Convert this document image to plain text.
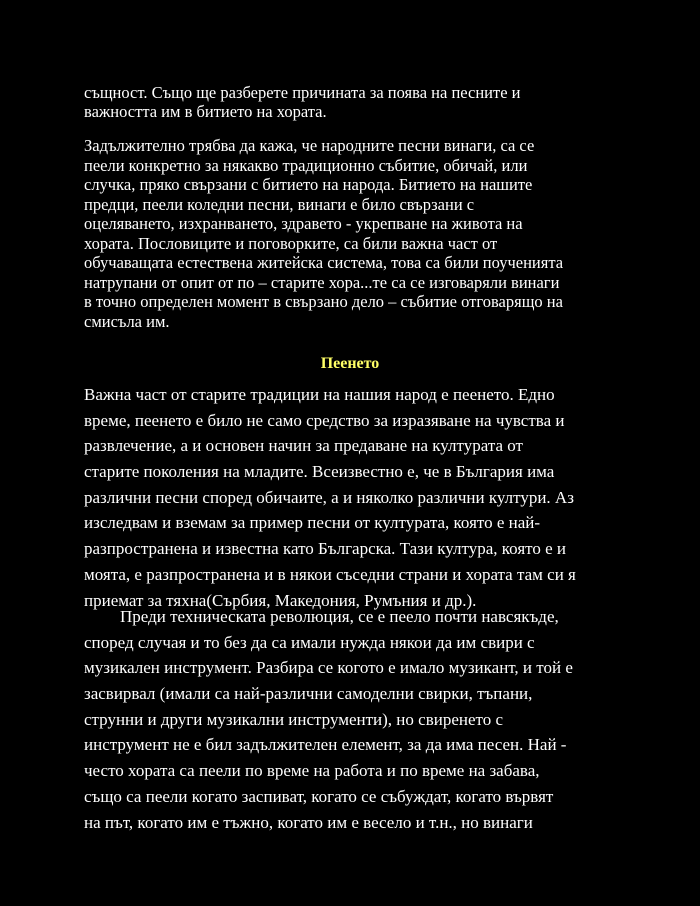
същност. Също ще разберете причината за поява на песните и
важността им в битието на хората.
Задължително трябва да кажа, че народните песни винаги, са се
пеели конкретно за някакво традиционно събитие, обичай, или
случка, пряко свързани с битието на народа. Битието на нашите
предци, пеели коледни песни, винаги е било свързани с
оцеляването, изхранването, здравето - укрепване на живота на
хората. Пословиците и поговорките, са били важна част от
обучаващата естествена житейска система, това са били поученията
натрупани от опит от по – старите хора...те са се изговаряли винаги
в точно определен момент в свързано дело – събитие отговарящо на
смисъла им.
Пеенето
Важна част от старите традиции на нашия народ е пеенето. Едно
време, пеенето е било не само средство за изразяване на чувства и
развлечение, а и основен начин за предаване на културата от
старите поколения на младите. Всеизвестно е, че в България има
различни песни според обичаите, а и няколко различни култури. Аз
изследвам и вземам за пример песни от културата, която е най-
разпространена и известна като Българска. Тази култура, която е и
моята, е разпространена и в някои съседни страни и хората там си я
приемат за тяхна(Сърбия, Македония, Румъния и др.).
Преди техническата революция, се е пеело почти навсякъде,
според случая и то без да са имали нужда някои да им свири с
музикален инструмент. Разбира се когото е имало музикант, и той е
засвирвал (имали са най-различни самоделни свирки, тъпани,
струнни и други музикални инструменти), но свиренето с
инструмент не е бил задължителен елемент, за да има песен. Най -
често хората са пеели по време на работа и по време на забава,
също са пеели когато заспиват, когато се събуждат, когато вървят
на път, когато им е тъжно, когато им е весело и т.н., но винаги
